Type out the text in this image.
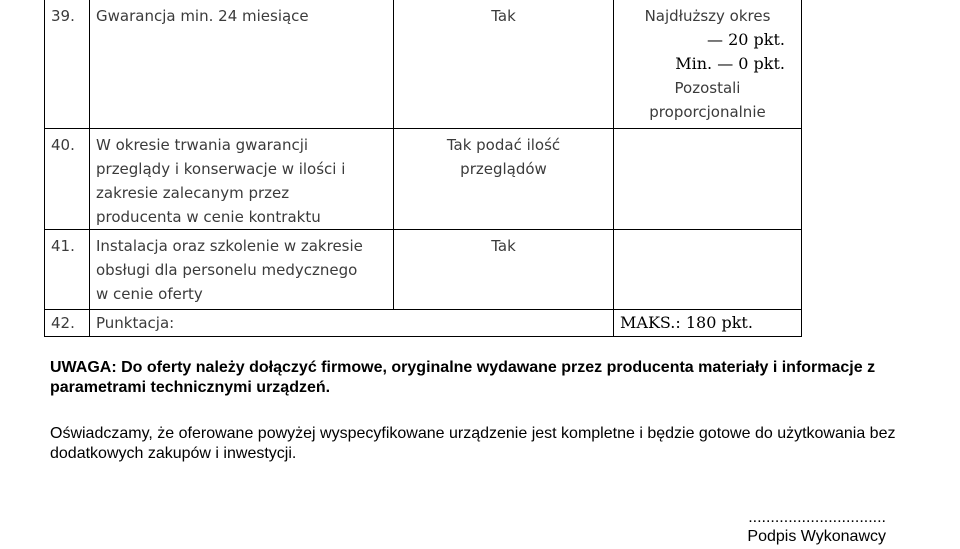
39.	Gwarancja min. 24 miesiące	Tak	Najdłuższy okres
— 20 pkt.
Min. — 0 pkt.
Pozostali
proporcjonalnie

40.	W okresie trwania gwarancji
przeglądy i konserwacje w ilości i
zakresie zalecanym przez
producenta w cenie kontraktu	Tak podać ilość
przeglądów	

41.	Instalacja oraz szkolenie w zakresie
obsługi dla personelu medycznego
w cenie oferty	Tak	
42.	Punktacja:		MAKS.: 180 pkt.
UWAGA: Do oferty należy dołączyć firmowe, oryginalne wydawane przez producenta materiały i informacje z parametrami technicznymi urządzeń.
Oświadczamy, że oferowane powyżej wyspecyfikowane urządzenie jest kompletne i będzie gotowe do użytkowania bez dodatkowych zakupów i inwestycji.
...............................
Podpis Wykonawcy
